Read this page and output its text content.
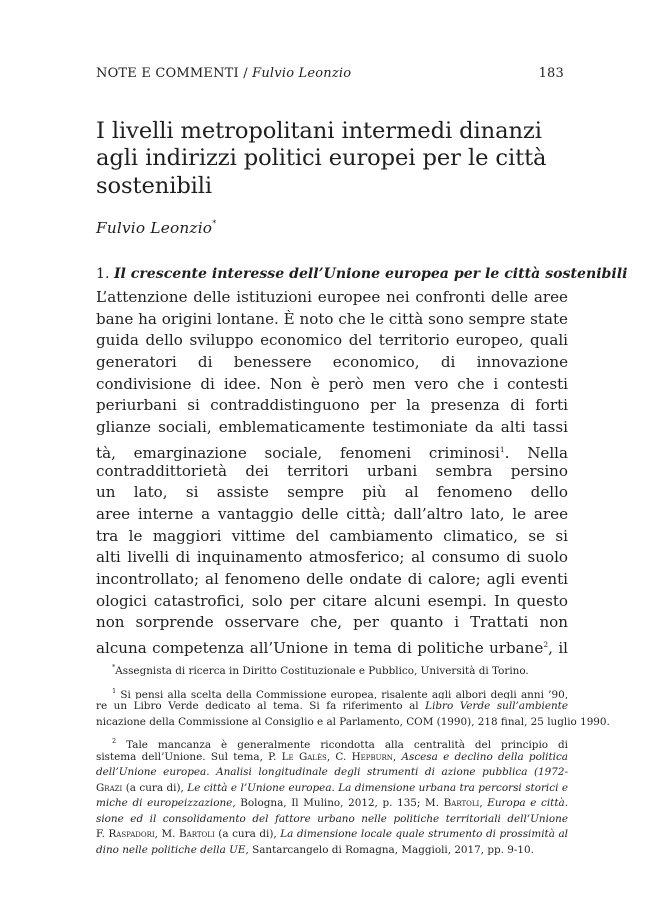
NOTE E COMMENTI / Fulvio Leonzio	183
I livelli metropolitani intermedi dinanzi
agli indirizzi politici europei per le città
sostenibili
Fulvio Leonzio*
1. Il crescente interesse dell’Unione europea per le città sostenibili
L’attenzione delle istituzioni europee nei confronti delle aree
bane ha origini lontane. È noto che le città sono sempre state
guida dello sviluppo economico del territorio europeo, quali
generatori di benessere economico, di innovazione
condivisione di idee. Non è però men vero che i contesti
periurbani si contraddistinguono per la presenza di forti
glianze sociali, emblematicamente testimoniate da alti tassi
tà, emarginazione sociale, fenomeni criminosi$^1$. Nella
contraddittorietà dei territori urbani sembra persino
un lato, si assiste sempre più al fenomeno dello
aree interne a vantaggio delle città; dall’altro lato, le aree
tra le maggiori vittime del cambiamento climatico, se si
alti livelli di inquinamento atmosferico; al consumo di suolo
incontrollato; al fenomeno delle ondate di calore; agli eventi
ologici catastrofici, solo per citare alcuni esempi. In questo
non sorprende osservare che, per quanto i Trattati non
alcuna competenza all’Unione in tema di politiche urbane$^2$, il
*Assegnista di ricerca in Diritto Costituzionale e Pubblico, Università di Torino.
$^1$ Si pensi alla scelta della Commissione europea, risalente agli albori degli anni ’90,
re un Libro Verde dedicato al tema. Si fa riferimento al Libro Verde sull’ambiente
nicazione della Commissione al Consiglio e al Parlamento, COM (1990), 218 final, 25 luglio 1990.
$^2$ Tale mancanza è generalmente ricondotta alla centralità del principio di
sistema dell’Unione. Sul tema, P. Le Galès, C. Hepburn, Ascesa e declino della politica
dell’Unione europea. Analisi longitudinale degli strumenti di azione pubblica (1972-
Grazi (a cura di), Le città e l’Unione europea. La dimensione urbana tra percorsi storici e
miche di europeizzazione, Bologna, Il Mulino, 2012, p. 135; M. Bartoli, Europa e città.
sione ed il consolidamento del fattore urbano nelle politiche territoriali dell’Unione
F. Raspadori, M. Bartoli (a cura di), La dimensione locale quale strumento di prossimità al
dino nelle politiche della UE, Santarcangelo di Romagna, Maggioli, 2017, pp. 9-10.
